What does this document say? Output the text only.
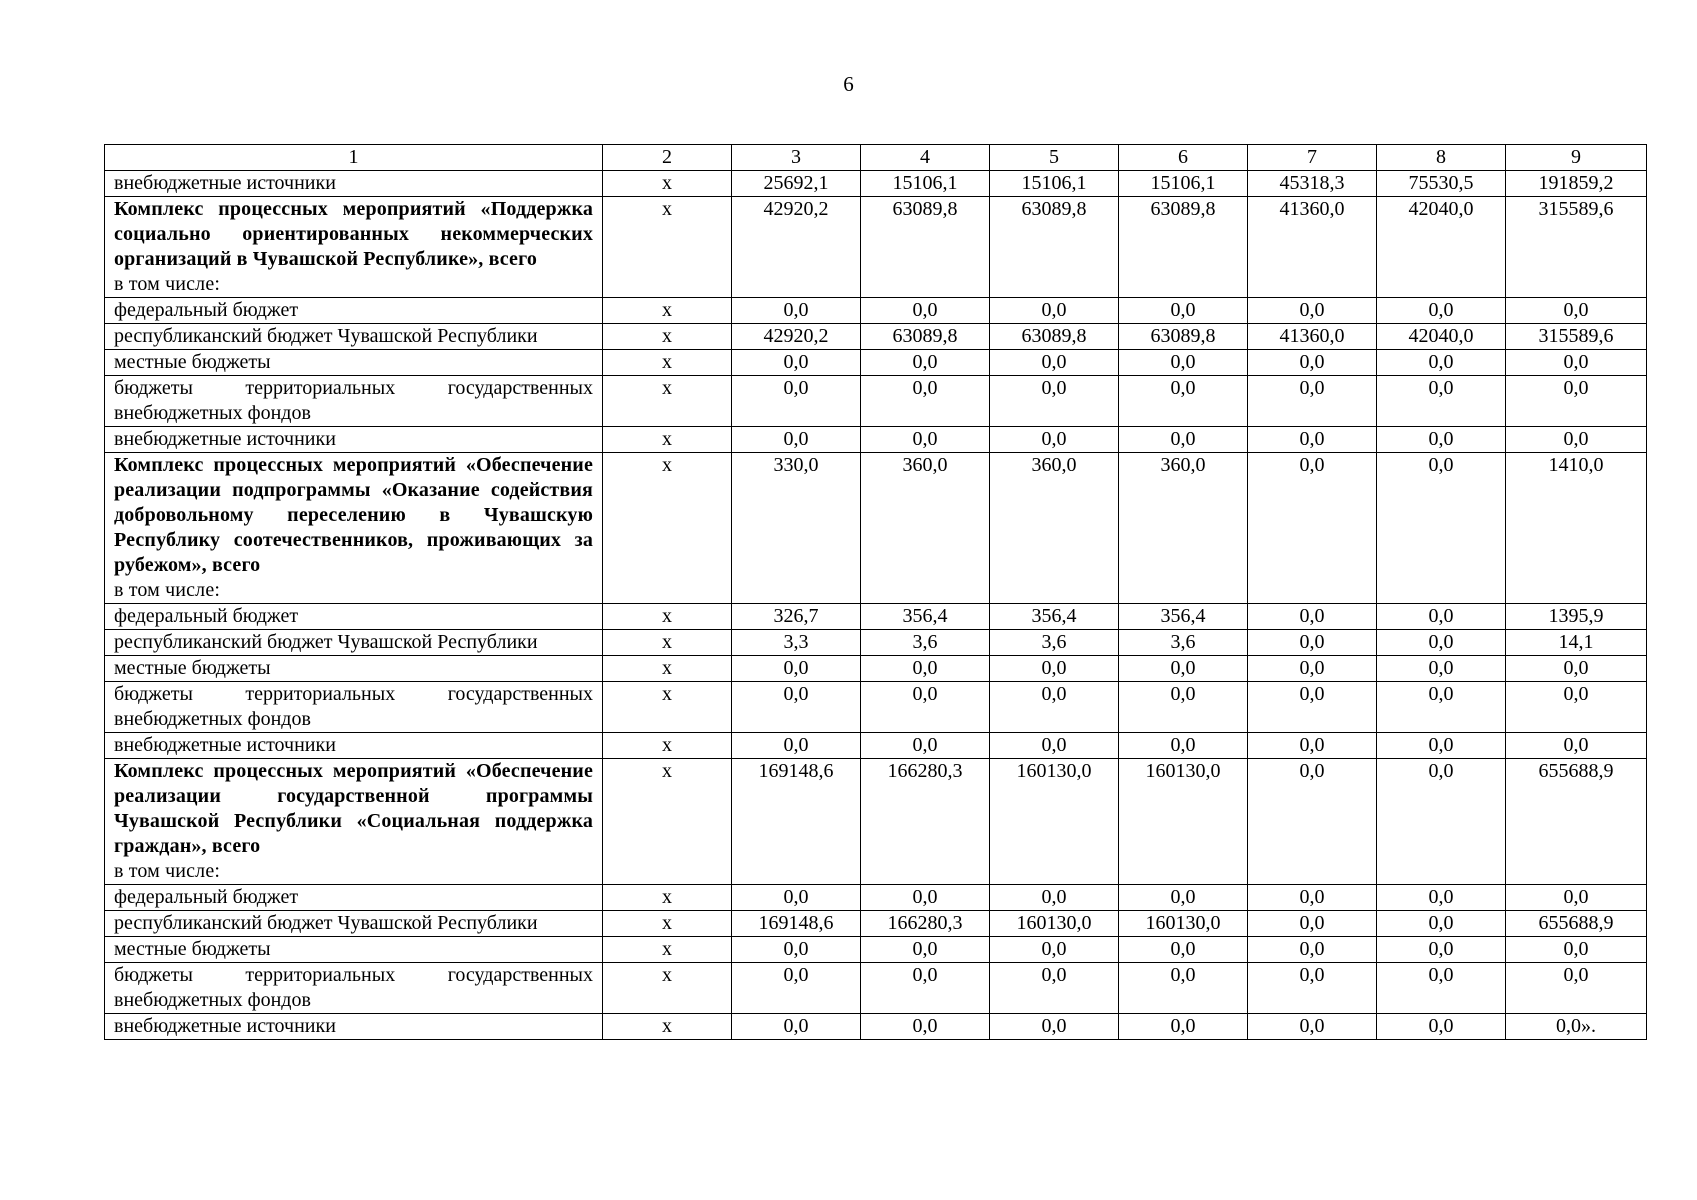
6
1	2	3	4	5	6	7	8	9
внебюджетные источники	х	25692,1	15106,1	15106,1	15106,1	45318,3	75530,5	191859,2

Комплекс процессных мероприятий «Поддержка социально ориентированных некоммерческих организаций в Чувашской Республике», всего
в том числе:	х	42920,2	63089,8	63089,8	63089,8	41360,0	42040,0	315589,6
федеральный бюджет	х	0,0	0,0	0,0	0,0	0,0	0,0	0,0
республиканский бюджет Чувашской Республики	х	42920,2	63089,8	63089,8	63089,8	41360,0	42040,0	315589,6
местные бюджеты	х	0,0	0,0	0,0	0,0	0,0	0,0	0,0

бюджеты территориальных государственных
внебюджетных фондов	х	0,0	0,0	0,0	0,0	0,0	0,0	0,0
внебюджетные источники	х	0,0	0,0	0,0	0,0	0,0	0,0	0,0

Комплекс процессных мероприятий «Обеспечение реализации подпрограммы «Оказание содействия добровольному переселению в Чувашскую Республику соотечественников, проживающих за рубежом», всего
в том числе:	х	330,0	360,0	360,0	360,0	0,0	0,0	1410,0
федеральный бюджет	х	326,7	356,4	356,4	356,4	0,0	0,0	1395,9
республиканский бюджет Чувашской Республики	х	3,3	3,6	3,6	3,6	0,0	0,0	14,1
местные бюджеты	х	0,0	0,0	0,0	0,0	0,0	0,0	0,0

бюджеты территориальных государственных
внебюджетных фондов	х	0,0	0,0	0,0	0,0	0,0	0,0	0,0
внебюджетные источники	х	0,0	0,0	0,0	0,0	0,0	0,0	0,0

Комплекс процессных мероприятий «Обеспечение реализации государственной программы Чувашской Республики «Социальная поддержка граждан», всего
в том числе:	х	169148,6	166280,3	160130,0	160130,0	0,0	0,0	655688,9
федеральный бюджет	х	0,0	0,0	0,0	0,0	0,0	0,0	0,0
республиканский бюджет Чувашской Республики	х	169148,6	166280,3	160130,0	160130,0	0,0	0,0	655688,9
местные бюджеты	х	0,0	0,0	0,0	0,0	0,0	0,0	0,0

бюджеты территориальных государственных
внебюджетных фондов	х	0,0	0,0	0,0	0,0	0,0	0,0	0,0
внебюджетные источники	х	0,0	0,0	0,0	0,0	0,0	0,0	0,0».
